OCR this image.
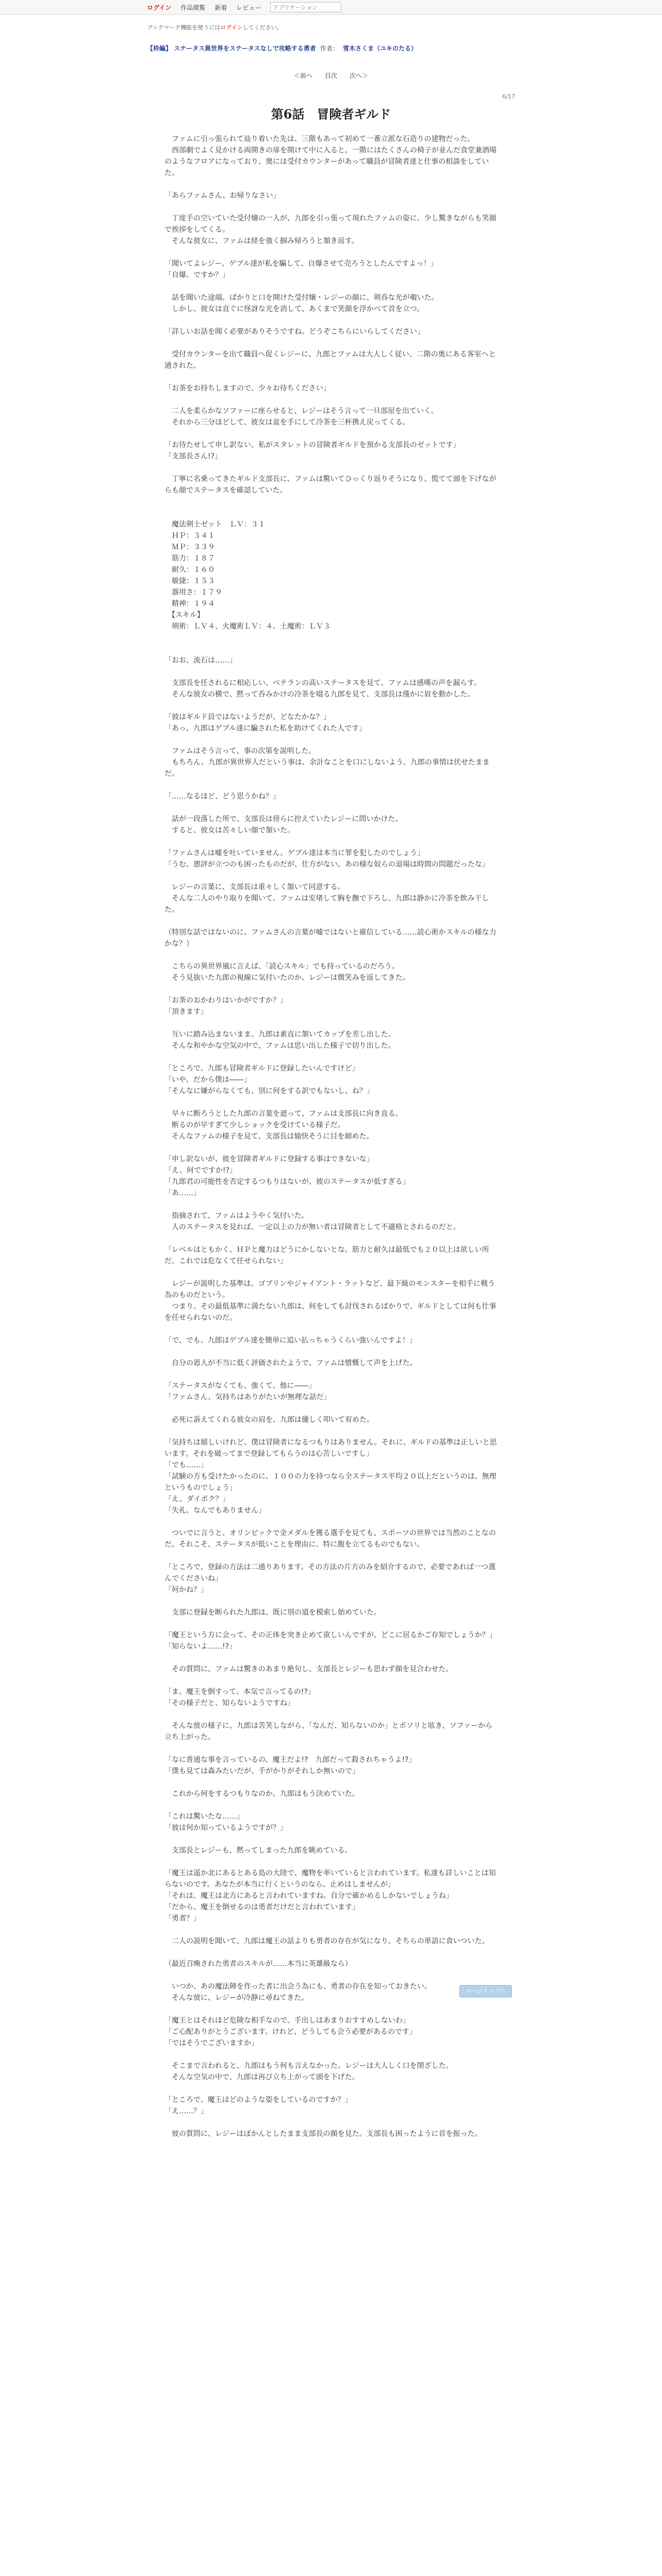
ログイン 作品閲覧 新着 レビュー
アプリケーション
ブックマーク機能を使うにはログインしてください。
【枠編】 ステータス異世界をステータスなしで攻略する勇者 作者： 雪木さくま（ユキのたる）
＜前へ 目次 次へ＞
6/17
第6話　冒険者ギルド

　ファムに引っ張られて辿り着いた先は、三階もあって初めて一番立派な石造りの建物だった。

　西部劇でよく見かける両開きの扉を開けて中に入ると、一階にはたくさんの椅子が並んだ食堂兼酒場のようなフロアになっており、奥には受付カウンターがあって職員が冒険者達と仕事の相談をしていた。

「あらファムさん、お帰りなさい」

　丁度手の空いていた受付嬢の一人が、九郎を引っ張って現れたファムの姿に、少し驚きながらも笑顔で挨拶をしてくる。

　そんな彼女に、ファムは経を強く掴み帰ろうと頷き返す。

「聞いてよレジー、ゲブル達が私を騙して、自爆させて売ろうとしたんですよっ！」

「自爆、ですか？」

　話を聞いた途端、ぱかりと口を開けた受付嬢・レジーの顔に、剣呑な光が覗いた。

　しかし、彼女は直ぐに怪訝な光を消して、あくまで笑顔を浮かべて首を立つ。

「詳しいお話を聞く必要がありそうですね。どうぞこちらにいらしてください」

　受付カウンターを出て職員へ促くレジーに、九郎とファムは大人しく従い、二階の奥にある客室へと通された。

「お茶をお持ちしますので、少々お待ちください」

　二人を柔らかなソファーに座らせると、レジーはそう言って一旦部屋を出ていく。

　それから三分ほどして、彼女は盆を手にして冷茶を三杯携え戻ってくる。

「お待たせして申し訳ない。私がスタレットの冒険者ギルドを預かる支部長のゼットです」

「支部長さん!?」

　丁寧に名乗ってきたギルド支部長に、ファムは驚いてひっくり返りそうになり、慌てて頭を下げながらも顔でステータスを確認していた。

　魔法剣士ゼット　ＬＶ：３１

　ＨＰ：３４１

　ＭＰ：３３９

　筋力：１８７

　耐久：１６０

　敏捷：１５３

　器用さ：１７９

　精神：１９４

　【スキル】

　剣術：ＬＶ４、火魔術ＬＶ：４、土魔術：ＬＶ３

「おお、流石は……」

　支部長を任されるに相応しい、ベテランの高いステータスを見て、ファムは感嘆の声を漏らす。

　そんな彼女の横で、黙って呑みかけの冷茶を啜る九郎を見て、支部長は僅かに眉を動かした。

「彼はギルド員ではないようだが、どなたかな？」

「あっ、九郎はゲブル達に騙された私を助けてくれた人です」

　ファムはそう言って、事の次第を説明した。

　もちろん、九郎が異世界人だという事は、余計なことを口にしないよう、九郎の事情は伏せたままだ。

「……なるほど、どう思うかね？」

　話が一段落した所で、支部長は傍らに控えていたレジーに問いかけた。

　すると、彼女は苦々しい顔で頷いた。

「ファムさんは嘘を吐いていません。ゲブル達は本当に罪を犯したのでしょう」

「うむ。悪評が立つのも困ったものだが、仕方がない。あの様な奴らの退場は時間の問題だったな」

　レジーの言葉に、支部長は重々しく頷いて同意する。

　そんな二人のやり取りを聞いて、ファムは安堵して胸を撫で下ろし、九郎は静かに冷茶を飲み干した。

（特別な話ではないのに、ファムさんの言葉が嘘ではないと確信している……読心術かスキルの様な力かな？）

　こちらの異世界風に言えば、「読心スキル」でも持っているのだろう。

　そう見抜いた九郎の視線に気付いたのか、レジーは微笑みを返してきた。

「お茶のおかわりはいかがですか？」

「頂きます」

　互いに踏み込まないまま、九郎は素直に頷いてカップを差し出した。

　そんな和やかな空気の中で、ファムは思い出した様子で切り出した。

「ところで、九郎も冒険者ギルドに登録したいんですけど」

「いや、だから僕は――」

「そんなに嫌がらなくても、別に何をする訳でもないし、ね？」

　早々に断ろうとした九郎の言葉を遮って、ファムは支部長に向き直る。

　断るのが早すぎて少しショックを受けている様子だ。

　そんなファムの様子を見て、支部長は愉快そうに目を細めた。

「申し訳ないが、彼を冒険者ギルドに登録する事はできないな」

「え、何でですか!?」

「九郎君の可能性を否定するつもりはないが、彼のステータスが低すぎる」

「あ……」

　指摘されて、ファムはようやく気付いた。

　人のステータスを見れば、一定以上の力が無い者は冒険者として不適格とされるのだと。

「レベルはともかく、ＨＰと魔力はどうにかしないとな。筋力と耐久は最低でも２０以上は欲しい所だ。これでは危なくて任せられない」

　レジーが説明した基準は、ゴブリンやジャイアント・ラットなど、最下級のモンスターを相手に戦う為のものだという。

　つまり、その最低基準に満たない九郎は、何をしても討伐されるばかりで、ギルドとしては何も仕事を任せられないのだ。

「で、でも、九郎はゲブル達を簡単に追い払っちゃうくらい強いんですよ！」

　自分の恩人が不当に低く評価されたようで、ファムは憤慨して声を上げた。

「ステータスがなくても、強くて、他に――」

「ファムさん、気持ちはありがたいが無理な話だ」

　必死に訴えてくれる彼女の肩を、九郎は優しく叩いて宥めた。

「気持ちは嬉しいけれど、僕は冒険者になるつもりはありません。それに、ギルドの基準は正しいと思います。それを破ってまで登録してもらうのは心苦しいですし」

「でも……」

「試験の方も受けたかったのに、１００の力を持つなら全ステータス平均２０以上だというのは、無理というものでしょう」

「え、ダイボク？」

「失礼、なんでもありません」

　ついでに言うと、オリンピックで金メダルを獲る選手を見ても、スポーツの世界では当然のことなのだ。それこそ、ステータスが低いことを理由に、特に腹を立てるものでもない。

「ところで、登録の方法は二通りあります。その方法の片方のみを紹介するので、必要であれば一つ選んでくださいね」

「何かね？」

　支部に登録を断られた九郎は、既に別の道を模索し始めていた。

「魔王という方に会って、その正体を突き止めて欲しいんですが、どこに居るかご存知でしょうか？」

「知らないよ……!?」

　その質問に、ファムは驚きのあまり絶句し、支部長とレジーも思わず顔を見合わせた。

「ま、魔王を倒すって、本気で言ってるの!?」

「その様子だと、知らないようですね」

　そんな彼の様子に、九郎は苦笑しながら、「なんだ、知らないのか」とボソリと呟き、ソファーから立ち上がった。

「なに普通な事を言っているの、魔王だよ!?　九郎だって殺されちゃうよ!?」

「僕も見ては森みたいだが、手がかりがそれしか無いので」

　これから何をするつもりなのか、九郎はもう決めていた。

「これは驚いたな……」

「彼は何か知っているようですが？」

　支部長とレジーも、黙ってしまった九郎を眺めている。

「魔王は遥か北にあるとある島の大陸で、魔物を率いていると言われています。私達も詳しいことは知らないのです。あなたが本当に行くというのなら、止めはしませんが」

「それは、魔王は北方にあると言われていますね。自分で確かめるしかないでしょうね」

「だから、魔王を倒せるのは勇者だけだと言われています」

「勇者？」

　二人の説明を聞いて、九郎は魔王の話よりも勇者の存在が気になり、そちらの単語に食いついた。

（最近召喚された勇者のスキルが……本当に英雄級なら）

　いつか、あの魔法陣を作った者に出会う為にも、勇者の存在を知っておきたい。

　そんな彼に、レジーが冷静に尋ねてきた。

「魔王とはそれほど危険な相手なので、手出しはあまりおすすめしないわ」

「ご心配ありがとうございます。けれど、どうしても会う必要があるのです」

「ではそうでございますか」

　そこまで言われると、九郎はもう何も言えなかった。レジーは大人しく口を閉ざした。

　そんな空気の中で、九郎は再び立ち上がって頭を下げた。

「ところで、魔王はどのような姿をしているのですか？」

「え……？」

　彼の質問に、レジーはぽかんとしたまま支部長の顔を見た。支部長も困ったように首を振った。

ページトップへ
